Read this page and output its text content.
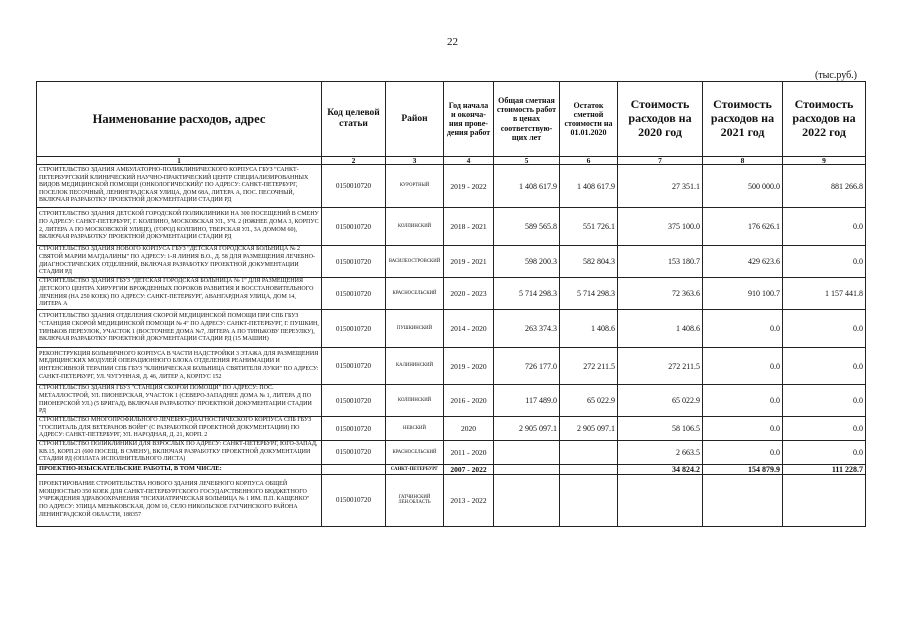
22
(тыс.руб.)
Наименование расходов, адрес	Код целевой статьи	Район	Год начала и оконча-ния прове-дения работ	Общая сметная стоимость работ в ценах соответствую-щих лет	Остаток сметной стоимости на 01.01.2020	Стоимость расходов на 2020 год	Стоимость расходов на 2021 год	Стоимость расходов на 2022 год
1	2	3	4	5	6	7	8	9
СТРОИТЕЛЬСТВО ЗДАНИЯ АМБУЛАТОРНО-ПОЛИКЛИНИЧЕСКОГО КОРПУСА ГБУЗ "САНКТ-ПЕТЕРБУРГСКИЙ КЛИНИЧЕСКИЙ НАУЧНО-ПРАКТИЧЕСКИЙ ЦЕНТР СПЕЦИАЛИЗИРОВАННЫХ ВИДОВ МЕДИЦИНСКОЙ ПОМОЩИ (ОНКОЛОГИЧЕСКИЙ)" ПО АДРЕСУ: САНКТ-ПЕТЕРБУРГ, ПОСЕЛОК ПЕСОЧНЫЙ, ЛЕНИНГРАДСКАЯ УЛИЦА, ДОМ 68А, ЛИТЕРА А, ПОС. ПЕСОЧНЫЙ, ВКЛЮЧАЯ РАЗРАБОТКУ ПРОЕКТНОЙ ДОКУМЕНТАЦИИ СТАДИИ РД	0150010720	КУРОРТНЫЙ	2019 - 2022	1 408 617.9	1 408 617.9	27 351.1	500 000.0	881 266.8
СТРОИТЕЛЬСТВО ЗДАНИЯ ДЕТСКОЙ ГОРОДСКОЙ ПОЛИКЛИНИКИ НА 300 ПОСЕЩЕНИЙ В СМЕНУ ПО АДРЕСУ: САНКТ-ПЕТЕРБУРГ, Г. КОЛПИНО, МОСКОВСКАЯ УЛ., УЧ. 2 (ЮЖНЕЕ ДОМА 3, КОРПУС 2, ЛИТЕРА А ПО МОСКОВСКОЙ УЛИЦЕ), (ГОРОД КОЛПИНО, ТВЕРСКАЯ УЛ., ЗА ДОМОМ 60), ВКЛЮЧАЯ РАЗРАБОТКУ ПРОЕКТНОЙ ДОКУМЕНТАЦИИ СТАДИИ РД	0150010720	КОЛПИНСКИЙ	2018 - 2021	589 565.8	551 726.1	375 100.0	176 626.1	0.0
СТРОИТЕЛЬСТВО ЗДАНИЯ НОВОГО КОРПУСА ГБУЗ "ДЕТСКАЯ ГОРОДСКАЯ БОЛЬНИЦА № 2 СВЯТОЙ МАРИИ МАГДАЛИНЫ" ПО АДРЕСУ: 1-Я ЛИНИЯ В.О., Д. 58 ДЛЯ РАЗМЕЩЕНИЯ ЛЕЧЕБНО-ДИАГНОСТИЧЕСКИХ ОТДЕЛЕНИЙ, ВКЛЮЧАЯ РАЗРАБОТКУ ПРОЕКТНОЙ ДОКУМЕНТАЦИИ СТАДИИ РД	0150010720	ВАСИЛЕОСТРОВСКИЙ	2019 - 2021	598 200.3	582 804.3	153 180.7	429 623.6	0.0
СТРОИТЕЛЬСТВО ЗДАНИЯ ГБУЗ "ДЕТСКАЯ ГОРОДСКАЯ БОЛЬНИЦА № 1" ДЛЯ РАЗМЕЩЕНИЯ ДЕТСКОГО ЦЕНТРА ХИРУРГИИ ВРОЖДЕННЫХ ПОРОКОВ РАЗВИТИЯ И ВОССТАНОВИТЕЛЬНОГО ЛЕЧЕНИЯ (НА 250 КОЕК) ПО АДРЕСУ: САНКТ-ПЕТЕРБУРГ, АВАНГАРДНАЯ УЛИЦА, ДОМ 14, ЛИТЕРА А	0150010720	КРАСНОСЕЛЬСКИЙ	2020 - 2023	5 714 298.3	5 714 298.3	72 363.6	910 100.7	1 157 441.8
СТРОИТЕЛЬСТВО ЗДАНИЯ ОТДЕЛЕНИЯ СКОРОЙ МЕДИЦИНСКОЙ ПОМОЩИ ПРИ СПБ ГБУЗ "СТАНЦИЯ СКОРОЙ МЕДИЦИНСКОЙ ПОМОЩИ № 4" ПО АДРЕСУ: САНКТ-ПЕТЕРБУРГ, Г. ПУШКИН, ТИНЬКОВ ПЕРЕУЛОК, УЧАСТОК 1 (ВОСТОЧНЕЕ ДОМА №7, ЛИТЕРА А ПО ТИНЬКОВУ ПЕРЕУЛКУ), ВКЛЮЧАЯ РАЗРАБОТКУ ПРОЕКТНОЙ ДОКУМЕНТАЦИИ СТАДИИ РД (15 МАШИН)	0150010720	ПУШКИНСКИЙ	2014 - 2020	263 374.3	1 408.6	1 408.6	0.0	0.0
РЕКОНСТРУКЦИЯ БОЛЬНИЧНОГО КОРПУСА В ЧАСТИ НАДСТРОЙКИ 3 ЭТАЖА ДЛЯ РАЗМЕЩЕНИЯ МЕДИЦИНСКИХ МОДУЛЕЙ ОПЕРАЦИОННОГО БЛОКА ОТДЕЛЕНИЯ РЕАНИМАЦИИ И ИНТЕНСИВНОЙ ТЕРАПИИ СПБ ГБУЗ "КЛИНИЧЕСКАЯ БОЛЬНИЦА СВЯТИТЕЛЯ ЛУКИ" ПО АДРЕСУ: САНКТ-ПЕТЕРБУРГ, УЛ. ЧУГУННАЯ, Д. 46, ЛИТЕР А, КОРПУС 152	0150010720	КАЛИНИНСКИЙ	2019 - 2020	726 177.0	272 211.5	272 211.5	0.0	0.0
СТРОИТЕЛЬСТВО ЗДАНИЯ ГБУЗ "СТАНЦИЯ СКОРОЙ ПОМОЩИ" ПО АДРЕСУ: ПОС. МЕТАЛЛОСТРОЙ, УЛ. ПИОНЕРСКАЯ, УЧАСТОК 1 (СЕВЕРО-ЗАПАДНЕЕ ДОМА № 1, ЛИТЕРА Д ПО ПИОНЕРСКОЙ УЛ.) (5 БРИГАД), ВКЛЮЧАЯ РАЗРАБОТКУ ПРОЕКТНОЙ ДОКУМЕНТАЦИИ СТАДИИ РД	0150010720	КОЛПИНСКИЙ	2016 - 2020	117 489.0	65 022.9	65 022.9	0.0	0.0
СТРОИТЕЛЬСТВО МНОГОПРОФИЛЬНОГО ЛЕЧЕБНО-ДИАГНОСТИЧЕСКОГО КОРПУСА СПБ ГБУЗ "ГОСПИТАЛЬ ДЛЯ ВЕТЕРАНОВ ВОЙН" (С РАЗРАБОТКОЙ ПРОЕКТНОЙ ДОКУМЕНТАЦИИ) ПО АДРЕСУ: САНКТ-ПЕТЕРБУРГ, УЛ. НАРОДНАЯ, Д. 21, КОРП. 2	0150010720	НЕВСКИЙ	2020	2 905 097.1	2 905 097.1	58 106.5	0.0	0.0
СТРОИТЕЛЬСТВО ПОЛИКЛИНИКИ ДЛЯ ВЗРОСЛЫХ ПО АДРЕСУ: САНКТ-ПЕТЕРБУРГ, ЮГО-ЗАПАД, КВ.15, КОРП.21 (600 ПОСЕЩ. В СМЕНУ), ВКЛЮЧАЯ РАЗРАБОТКУ ПРОЕКТНОЙ ДОКУМЕНТАЦИИ СТАДИИ РД (ОПЛАТА ИСПОЛНИТЕЛЬНОГО ЛИСТА)	0150010720	КРАСНОСЕЛЬСКИЙ	2011 - 2020			2 663.5	0.0	0.0
ПРОЕКТНО-ИЗЫСКАТЕЛЬСКИЕ РАБОТЫ, В ТОМ ЧИСЛЕ:		САНКТ-ПЕТЕРБУРГ	2007 - 2022			34 824.2	154 879.9	111 228.7
ПРОЕКТИРОВАНИЕ СТРОИТЕЛЬСТВА НОВОГО ЗДАНИЯ ЛЕЧЕБНОГО КОРПУСА ОБЩЕЙ МОЩНОСТЬЮ 350 КОЕК ДЛЯ САНКТ-ПЕТЕРБУРГСКОГО ГОСУДАРСТВЕННОГО БЮДЖЕТНОГО УЧРЕЖДЕНИЯ ЗДРАВООХРАНЕНИЯ "ПСИХИАТРИЧЕСКАЯ БОЛЬНИЦА № 1 ИМ. П.П. КАЩЕНКО" ПО АДРЕСУ: УЛИЦА МЕНЬКОВСКАЯ, ДОМ 10, СЕЛО НИКОЛЬСКОЕ ГАТЧИНСКОГО РАЙОНА ЛЕНИНГРАДСКОЙ ОБЛАСТИ, 188357	0150010720	ГАТЧИНСКИЙ ЛЕН.ОБЛАСТЬ	2013 - 2022					
